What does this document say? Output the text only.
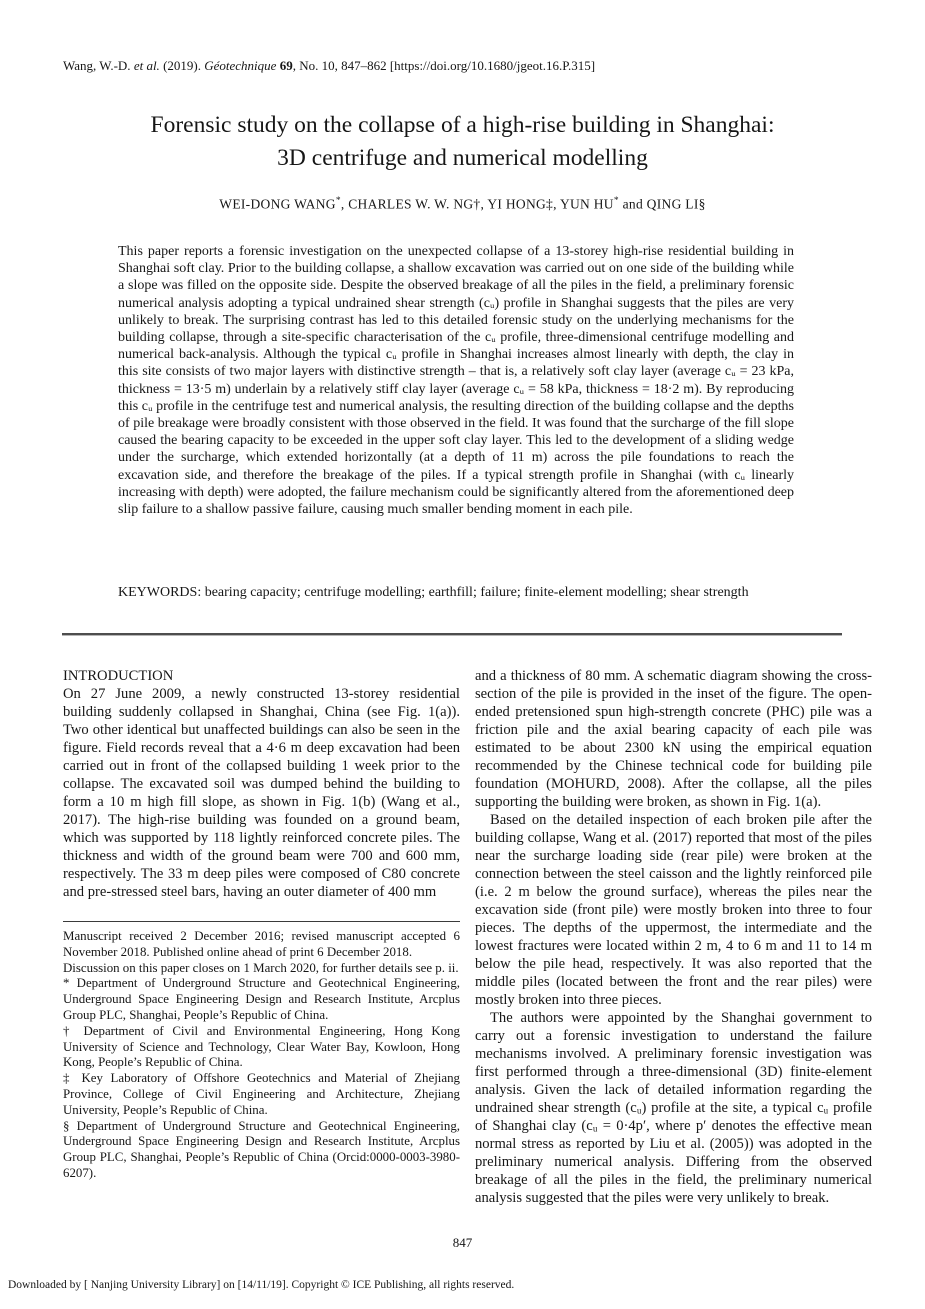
Wang, W.-D. et al. (2019). Géotechnique 69, No. 10, 847–862 [https://doi.org/10.1680/jgeot.16.P.315]
Forensic study on the collapse of a high-rise building in Shanghai:
3D centrifuge and numerical modelling
WEI-DONG WANG*, CHARLES W. W. NG†, YI HONG‡, YUN HU* and QING LI§
This paper reports a forensic investigation on the unexpected collapse of a 13-storey high-rise residential building in Shanghai soft clay. Prior to the building collapse, a shallow excavation was carried out on one side of the building while a slope was filled on the opposite side. Despite the observed breakage of all the piles in the field, a preliminary forensic numerical analysis adopting a typical undrained shear strength (cᵤ) profile in Shanghai suggests that the piles are very unlikely to break. The surprising contrast has led to this detailed forensic study on the underlying mechanisms for the building collapse, through a site-specific characterisation of the cᵤ profile, three-dimensional centrifuge modelling and numerical back-analysis. Although the typical cᵤ profile in Shanghai increases almost linearly with depth, the clay in this site consists of two major layers with distinctive strength – that is, a relatively soft clay layer (average cᵤ = 23 kPa, thickness = 13·5 m) underlain by a relatively stiff clay layer (average cᵤ = 58 kPa, thickness = 18·2 m). By reproducing this cᵤ profile in the centrifuge test and numerical analysis, the resulting direction of the building collapse and the depths of pile breakage were broadly consistent with those observed in the field. It was found that the surcharge of the fill slope caused the bearing capacity to be exceeded in the upper soft clay layer. This led to the development of a sliding wedge under the surcharge, which extended horizontally (at a depth of 11 m) across the pile foundations to reach the excavation side, and therefore the breakage of the piles. If a typical strength profile in Shanghai (with cᵤ linearly increasing with depth) were adopted, the failure mechanism could be significantly altered from the aforementioned deep slip failure to a shallow passive failure, causing much smaller bending moment in each pile.
KEYWORDS: bearing capacity; centrifuge modelling; earthfill; failure; finite-element modelling; shear strength
INTRODUCTION

On 27 June 2009, a newly constructed 13-storey residential building suddenly collapsed in Shanghai, China (see Fig. 1(a)). Two other identical but unaffected buildings can also be seen in the figure. Field records reveal that a 4·6 m deep excavation had been carried out in front of the collapsed building 1 week prior to the collapse. The excavated soil was dumped behind the building to form a 10 m high fill slope, as shown in Fig. 1(b) (Wang et al., 2017). The high-rise building was founded on a ground beam, which was supported by 118 lightly reinforced concrete piles. The thickness and width of the ground beam were 700 and 600 mm, respectively. The 33 m deep piles were composed of C80 concrete and pre-stressed steel bars, having an outer diameter of 400 mm

Manuscript received 2 December 2016; revised manuscript accepted 6 November 2018. Published online ahead of print 6 December 2018.

Discussion on this paper closes on 1 March 2020, for further details see p. ii.

* Department of Underground Structure and Geotechnical Engineering, Underground Space Engineering Design and Research Institute, Arcplus Group PLC, Shanghai, People’s Republic of China.

† Department of Civil and Environmental Engineering, Hong Kong University of Science and Technology, Clear Water Bay, Kowloon, Hong Kong, People’s Republic of China.

‡ Key Laboratory of Offshore Geotechnics and Material of Zhejiang Province, College of Civil Engineering and Architecture, Zhejiang University, People’s Republic of China.

§ Department of Underground Structure and Geotechnical Engineering, Underground Space Engineering Design and Research Institute, Arcplus Group PLC, Shanghai, People’s Republic of China (Orcid:0000-0003-3980-6207).

and a thickness of 80 mm. A schematic diagram showing the cross-section of the pile is provided in the inset of the figure. The open-ended pretensioned spun high-strength concrete (PHC) pile was a friction pile and the axial bearing capacity of each pile was estimated to be about 2300 kN using the empirical equation recommended by the Chinese technical code for building pile foundation (MOHURD, 2008). After the collapse, all the piles supporting the building were broken, as shown in Fig. 1(a).

Based on the detailed inspection of each broken pile after the building collapse, Wang et al. (2017) reported that most of the piles near the surcharge loading side (rear pile) were broken at the connection between the steel caisson and the lightly reinforced pile (i.e. 2 m below the ground surface), whereas the piles near the excavation side (front pile) were mostly broken into three to four pieces. The depths of the uppermost, the intermediate and the lowest fractures were located within 2 m, 4 to 6 m and 11 to 14 m below the pile head, respectively. It was also reported that the middle piles (located between the front and the rear piles) were mostly broken into three pieces.

The authors were appointed by the Shanghai government to carry out a forensic investigation to understand the failure mechanisms involved. A preliminary forensic investigation was first performed through a three-dimensional (3D) finite-element analysis. Given the lack of detailed information regarding the undrained shear strength (cᵤ) profile at the site, a typical cᵤ profile of Shanghai clay (cᵤ = 0·4p′, where p′ denotes the effective mean normal stress as reported by Liu et al. (2005)) was adopted in the preliminary numerical analysis. Differing from the observed breakage of all the piles in the field, the preliminary numerical analysis suggested that the piles were very unlikely to break.

847
Downloaded by [ Nanjing University Library] on [14/11/19]. Copyright © ICE Publishing, all rights reserved.
